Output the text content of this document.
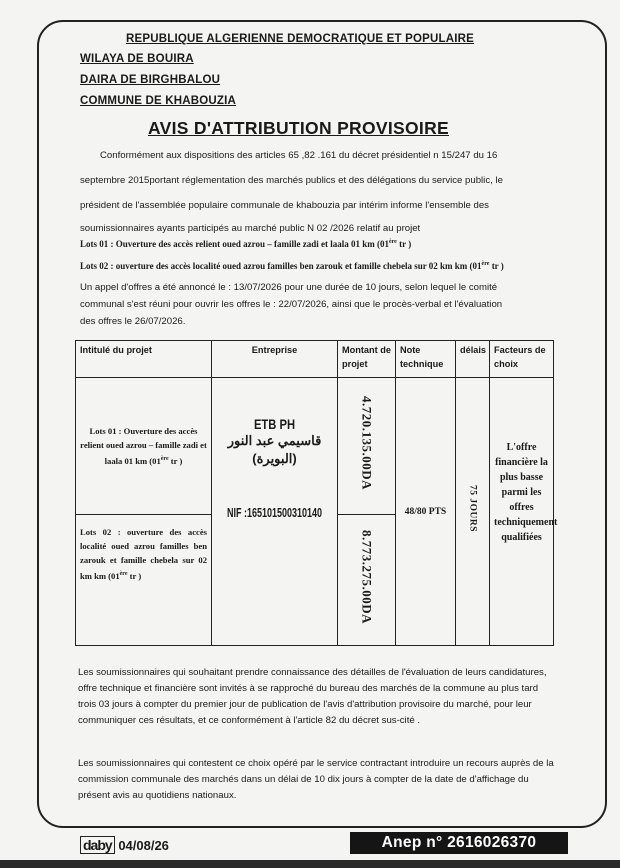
REPUBLIQUE ALGERIENNE DEMOCRATIQUE ET POPULAIRE
WILAYA DE BOUIRA
DAIRA DE BIRGHBALOU
COMMUNE DE KHABOUZIA
AVIS D'ATTRIBUTION PROVISOIRE
Conformément aux dispositions des articles 65 ,82 .161 du décret présidentiel n 15/247 du 16
septembre 2015portant réglementation des marchés publics et des délégations du service public, le
président de l'assemblée populaire communale de khabouzia par intérim informe l'ensemble des
soumissionnaires ayants participés au marché public N 02 /2026 relatif au projet
Lots 01 : Ouverture des accès relient oued azrou – famille zadi et laala 01 km (01ère tr )
Lots 02 : ouverture des accès localité oued azrou familles ben zarouk et famille chebela sur 02 km km (01ère tr )
Un appel d'offres a été annoncé le : 13/07/2026 pour une durée de 10 jours, selon lequel le comité
communal s'est réuni pour ouvrir les offres le : 22/07/2026, ainsi que le procès-verbal et l'évaluation
des offres le 26/07/2026.
Intitulé du projet	Entreprise	Montant de projet	Note technique	délais	Facteurs de choix
Lots 01 : Ouverture des accès relient oued azrou – famille zadi et laala 01 km (01ère tr )	ETB PH
قاسيمي عبد النور
(البويرة)
NIF :165101500310140	4.720.135.00DA	48/80 PTS	75 JOURS	L'offre financière la plus basse parmi les offres techniquement qualifiées
Lots 02 : ouverture des accès localité oued azrou familles ben zarouk et famille chebela sur 02 km km (01ère tr )		8.773.275.00DA			
Les soumissionnaires qui souhaitant prendre connaissance des détailles de l'évaluation de leurs candidatures, offre technique et financière sont invités à se rapproché du bureau des marchés de la commune au plus tard trois 03 jours à compter du premier jour de publication de l'avis d'attribution provisoire du marché, pour leur communiquer ces résultats, et ce conformément à l'article 82 du décret sus-cité .
Les soumissionnaires qui contestent ce choix opéré par le service contractant introduire un recours auprès de la commission communale des marchés dans un délai de 10 dix jours à compter de la date de d'affichage du présent avis au quotidiens nationaux.
daby 04/08/26	Anep n° 2616026370
